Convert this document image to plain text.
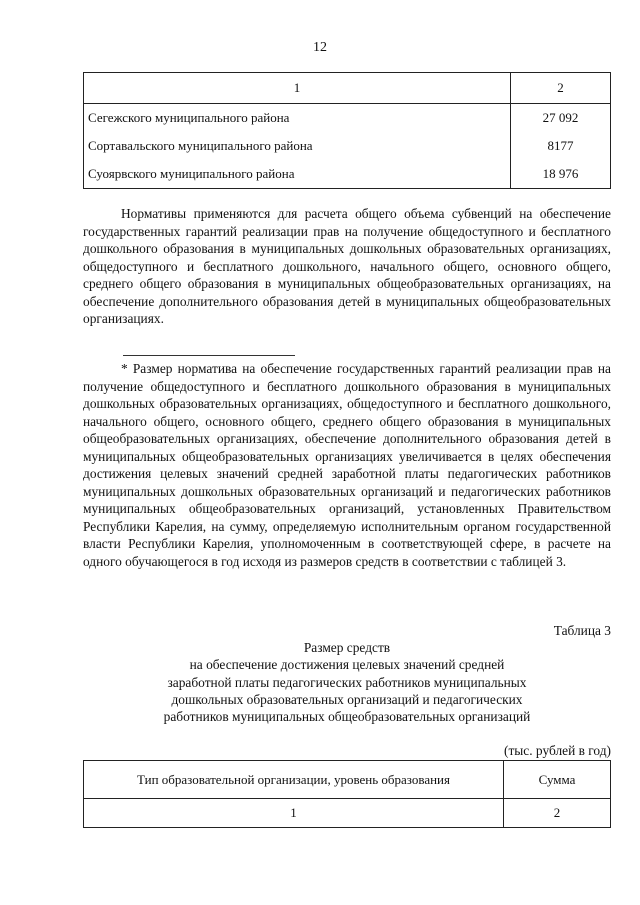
12
1	2
Сегежского муниципального района	27 092
Сортавальского муниципального района	8177
Суоярвского муниципального района	18 976
Нормативы применяются для расчета общего объема субвенций на обеспечение государственных гарантий реализации прав на получение общедоступного и бесплатного дошкольного образования в муниципальных дошкольных образовательных организациях, общедоступного и бесплатного дошкольного, начального общего, основного общего, среднего общего образования в муниципальных общеобразовательных организациях, на обеспечение дополнительного образования детей в муниципальных общеобразовательных организациях.
* Размер норматива на обеспечение государственных гарантий реализации прав на получение общедоступного и бесплатного дошкольного образования в муниципальных дошкольных образовательных организациях, общедоступного и бесплатного дошкольного, начального общего, основного общего, среднего общего образования в муниципальных общеобразовательных организациях, обеспечение дополнительного образования детей в муниципальных общеобразовательных организациях увеличивается в целях обеспечения достижения целевых значений средней заработной платы педагогических работников муниципальных дошкольных образовательных организаций и педагогических работников муниципальных общеобразовательных организаций, установленных Правительством Республики Карелия, на сумму, определяемую исполнительным органом государственной власти Республики Карелия, уполномоченным в соответствующей сфере, в расчете на одного обучающегося в год исходя из размеров средств в соответствии с таблицей 3.
Таблица 3
Размер средств
на обеспечение достижения целевых значений средней
заработной платы педагогических работников муниципальных
дошкольных образовательных организаций и педагогических
работников муниципальных общеобразовательных организаций
(тыс. рублей в год)
Тип образовательной организации, уровень образования	Сумма
1	2
